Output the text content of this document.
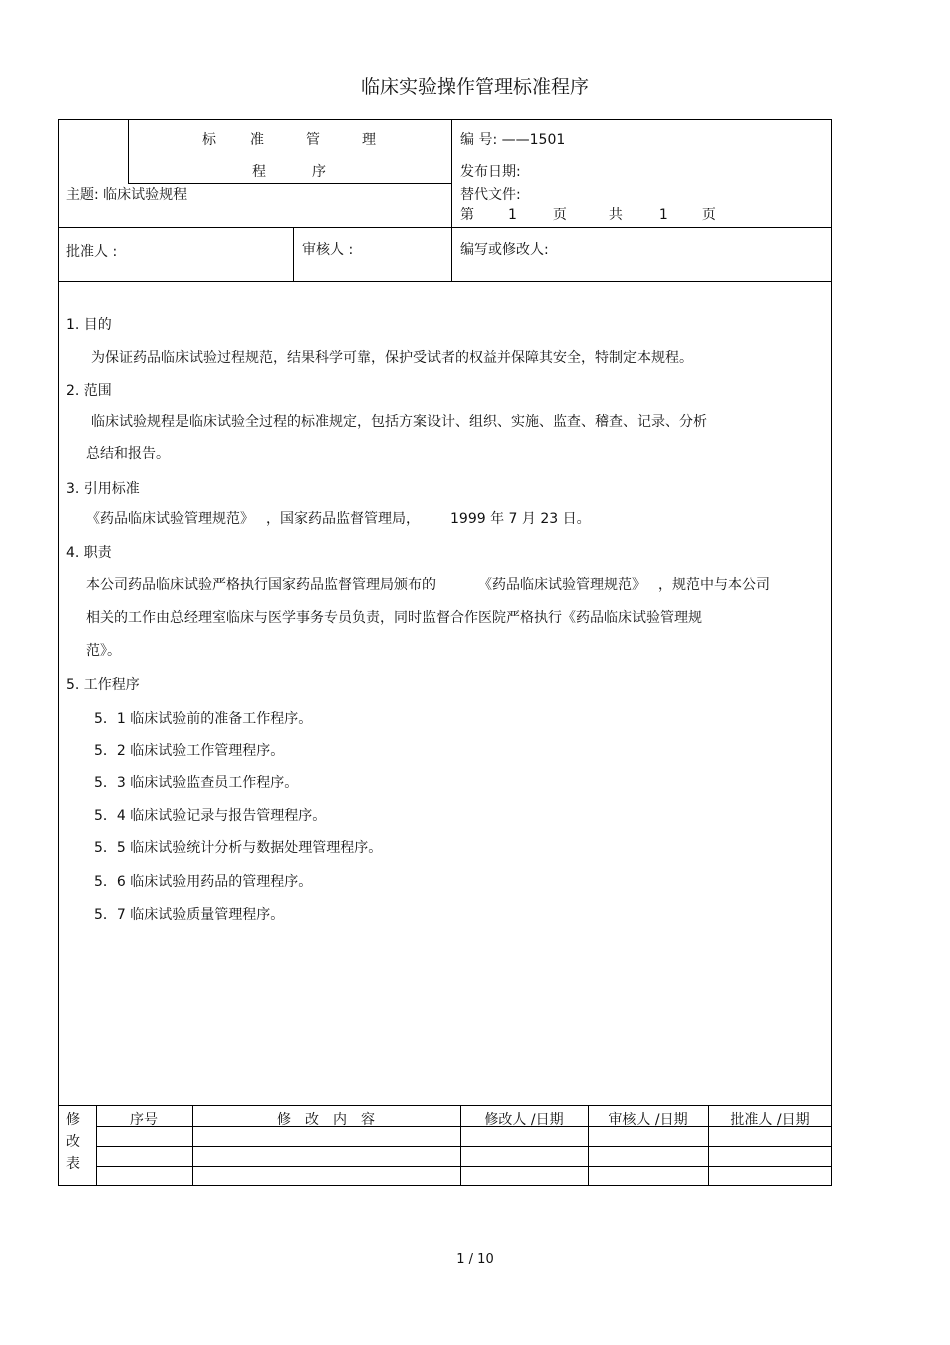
临床实验操作管理标准程序
标 准	管	理
程	序
编 号: ——1501
发布日期:
主题: 临床试验规程	替代文件:
第 1	页	共	1 页
批准人 :	审核人 :	编写或修改人:
1. 目的
为保证药品临床试验过程规范，结果科学可靠，保护受试者的权益并保障其安全，特制定本规程。
2. 范围
临床试验规程是临床试验全过程的标准规定，包括方案设计、组织、实施、监查、稽查、记录、分析
总结和报告。
3. 引用标准
《药品临床试验管理规范》 ，国家药品监督管理局， 1999 年 7 月 23 日。
4. 职责
本公司药品临床试验严格执行国家药品监督管理局颁布的	《药品临床试验管理规范》 ，规范中与本公司
相关的工作由总经理室临床与医学事务专员负责，同时监督合作医院严格执行《药品临床试验管理规
范》。
5. 工作程序
5．1 临床试验前的准备工作程序。
5．2 临床试验工作管理程序。
5．3 临床试验监查员工作程序。
5．4 临床试验记录与报告管理程序。
5．5 临床试验统计分析与数据处理管理程序。
5．6 临床试验用药品的管理程序。
5．7 临床试验质量管理程序。
修
改
表
序号	修　改　内　容	修改人 /日期	审核人 /日期	批准人 /日期
1 / 10
